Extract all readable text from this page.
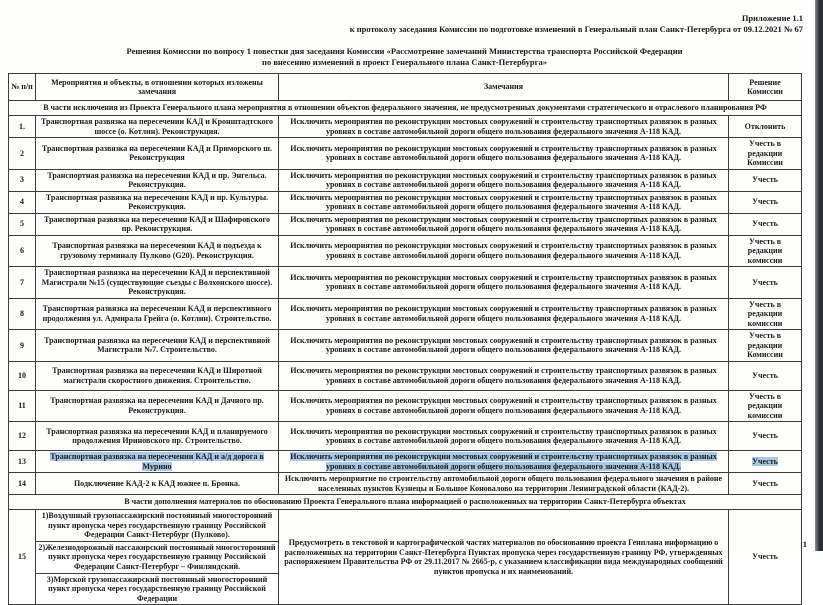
Приложение 1.1
к протоколу заседания Комиссии по подготовке изменений в Генеральный план Санкт-Петербурга от 09.12.2021 № 67
Решения Комиссии по вопросу 1 повестки дня заседания Комиссии «Рассмотрение замечаний Министерства транспорта Российской Федерации
по внесению изменений в проект Генерального плана Санкт-Петербурга»
№ п/п	Мероприятия и объекты, в отношении которых изложены замечания	Замечания	Решение Комиссии
В части исключения из Проекта Генерального плана мероприятия в отношении объектов федерального значения, не предусмотренных документами стратегического и отраслевого планирования РФ			
1.	Транспортная развязка на пересечении КАД и Кронштадтского шоссе (о. Котлин). Реконструкция.	Исключить мероприятия по реконструкции мостовых сооружений и строительству транспортных развязок в разных уровнях в составе автомобильной дороги общего пользования федерального значения А-118 КАД.	Отклонить
2	Транспортная развязка на пересечении КАД и Приморского ш. Реконструкция	Исключить мероприятия по реконструкции мостовых сооружений и строительству транспортных развязок в разных уровнях в составе автомобильной дороги общего пользования федерального значения А-118 КАД.	Учесть в редакции Комиссии
3	Транспортная развязка на пересечении КАД и пр. Энгельса. Реконструкция.	Исключить мероприятия по реконструкции мостовых сооружений и строительству транспортных развязок в разных уровнях в составе автомобильной дороги общего пользования федерального значения А-118 КАД.	Учесть
4	Транспортная развязка на пересечении КАД и пр. Культуры. Реконструкция.	Исключить мероприятия по реконструкции мостовых сооружений и строительству транспортных развязок в разных уровнях в составе автомобильной дороги общего пользования федерального значения А-118 КАД.	Учесть
5	Транспортная развязка на пересечении КАД и Шафировского пр. Реконструкция.	Исключить мероприятия по реконструкции мостовых сооружений и строительству транспортных развязок в разных уровнях в составе автомобильной дороги общего пользования федерального значения А-118 КАД.	Учесть
6	Транспортная развязка на пересечении КАД и подъезда к грузовому терминалу Пулково (G20). Реконструкция.	Исключить мероприятия по реконструкции мостовых сооружений и строительству транспортных развязок в разных уровнях в составе автомобильной дороги общего пользования федерального значения А-118 КАД.	Учесть в редакции комиссии
7	Транспортная развязка на пересечении КАД и перспективной Магистрали №15 (существующие съезды с Волхонского шоссе). Реконструкция.	Исключить мероприятия по реконструкции мостовых сооружений и строительству транспортных развязок в разных уровнях в составе автомобильной дороги общего пользования федерального значения А-118 КАД.	Учесть
8	Транспортная развязка на пересечении КАД и перспективного продолжения ул. Адмирала Грейга (о. Котлин). Строительство.	Исключить мероприятия по реконструкции мостовых сооружений и строительству транспортных развязок в разных уровнях в составе автомобильной дороги общего пользования федерального значения А-118 КАД.	Учесть в редакции комиссии
9	Транспортная развязка на пересечении КАД и перспективной Магистрали №7. Строительство.	Исключить мероприятия по реконструкции мостовых сооружений и строительству транспортных развязок в разных уровнях в составе автомобильной дороги общего пользования федерального значения А-118 КАД.	Учесть в редакции Комиссии
10	Транспортная развязка на пересечении КАД и Широтной магистрали скоростного движения. Строительство.	Исключить мероприятия по реконструкции мостовых сооружений и строительству транспортных развязок в разных уровнях в составе автомобильной дороги общего пользования федерального значения А-118 КАД.	Учесть
11	Транспортная развязка на пересечении КАД и Дачного пр. Реконструкция.	Исключить мероприятия по реконструкции мостовых сооружений и строительству транспортных развязок в разных уровнях в составе автомобильной дороги общего пользования федерального значения А-118 КАД.	Учесть в редакции комиссии
12	Транспортная развязка на пересечении КАД и планируемого продолжения Ириновского пр. Строительство.	Исключить мероприятия по реконструкции мостовых сооружений и строительству транспортных развязок в разных уровнях в составе автомобильной дороги общего пользования федерального значения А-118 КАД.	Учесть
13	Транспортная развязка на пересечении КАД и а/д дорога в Мурино	Исключить мероприятия по реконструкции мостовых сооружений и строительству транспортных развязок в разных уровнях в составе автомобильной дороги общего пользования федерального значения А-118 КАД.	Учесть
14	Подключение КАД-2 к КАД южнее п. Бронка.	Исключить мероприятие по строительству автомобильной дороги общего пользования федерального значения в районе населенных пунктов Кузнецы и Большое Коновалово на территории Ленинградской области (КАД-2).	Учесть
В части дополнения материалов по обоснованию Проекта Генерального плана информацией о расположенных на территории Санкт-Петербурга объектах			
15	1)Воздушный грузопассажирский постоянный многосторонний пункт пропуска через государственную границу Российской Федерации Санкт-Петербург (Пулково).	Предусмотреть в текстовой и картографической частях материалов по обоснованию проекта Генплана информацию о расположенных на территории Санкт-Петербурга Пунктах пропуска через государственную границу РФ, утвержденных распоряжением Правительства РФ от 29.11.2017 № 2665-р, с указанием классификации вида международных сообщений пунктов пропуска и их наименований.	Учесть
	2)Железнодорожный пассажирский постоянный многосторонний пункт пропуска через государственную границу Российской Федерации Санкт-Петербург – Финляндский.		
	3)Морской грузопассажирский постоянный многосторонний пункт пропуска через государственную границу Российской Федерации		
1
